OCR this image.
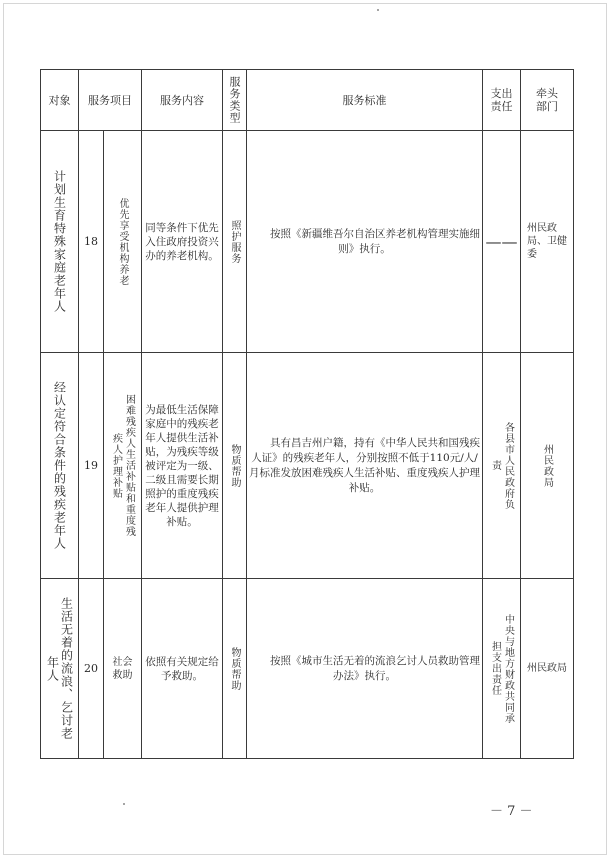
对象	服务项目		服务内容	服务类型	服务标准	支出责任	牵头部门

计划生育特殊家庭老年人	18	优先享受机构养老	同等条件下优先入住政府投资兴办的养老机构。	照护服务	按照《新疆维吾尔自治区养老机构管理实施细则》执行。	——	州民政局、卫健委

经认定符合条件的残疾老年人	19	困难残疾人生活补贴和重度残疾人护理补贴	为最低生活保障家庭中的残疾老年人提供生活补贴，为残疾等级被评定为一级、二级且需要长期照护的重度残疾老年人提供护理补贴。	物质帮助	具有昌吉州户籍，持有《中华人民共和国残疾人证》的残疾老年人，分别按照不低于110元/人/月标准发放困难残疾人生活补贴、重度残疾人护理补贴。	各县市人民政府负责	州民政局

生活无着的流浪、乞讨老年人	20	社会救助	依照有关规定给予救助。	物质帮助	按照《城市生活无着的流浪乞讨人员救助管理办法》执行。	中央与地方财政共同承担支出责任	州民政局
－ 7 －
